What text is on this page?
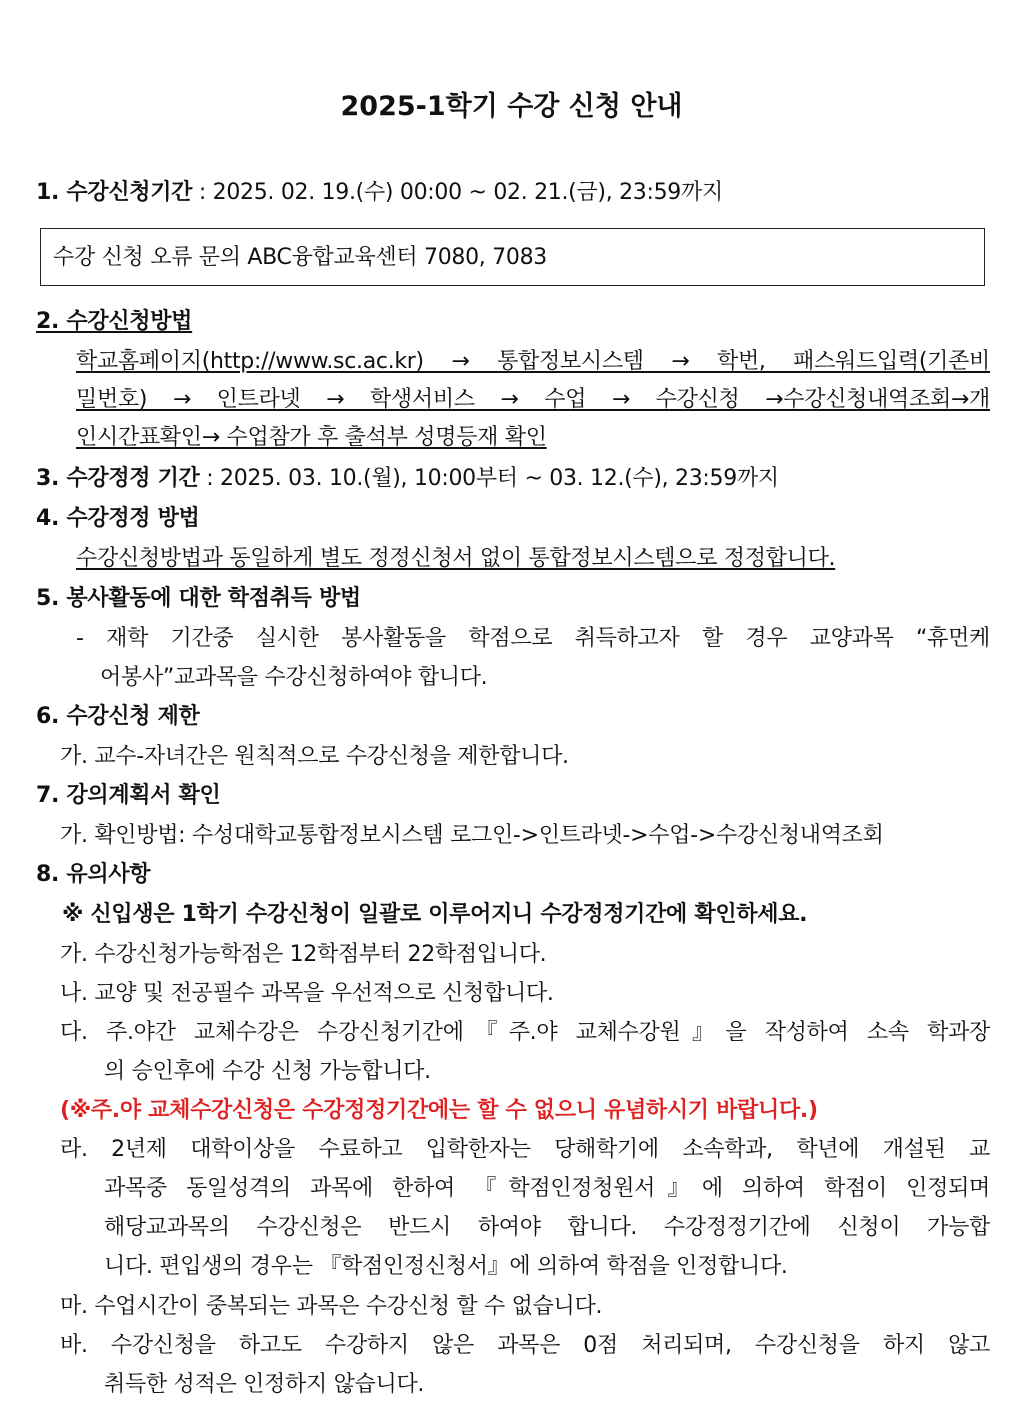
2025-1학기 수강 신청 안내
1. 수강신청기간 : 2025. 02. 19.(수) 00:00 ~ 02. 21.(금), 23:59까지
수강 신청 오류 문의 ABC융합교육센터 7080, 7083
2. 수강신청방법
학교홈페이지(http://www.sc.ac.kr) → 통합정보시스템 → 학번, 패스워드입력(기존비
밀번호) → 인트라넷 → 학생서비스 → 수업 → 수강신청 →수강신청내역조회→개
인시간표확인→ 수업참가 후 출석부 성명등재 확인
3. 수강정정 기간 : 2025. 03. 10.(월), 10:00부터 ~ 03. 12.(수), 23:59까지
4. 수강정정 방법
수강신청방법과 동일하게 별도 정정신청서 없이 통합정보시스템으로 정정합니다.
5. 봉사활동에 대한 학점취득 방법
- 재학 기간중 실시한 봉사활동을 학점으로 취득하고자 할 경우 교양과목 “휴먼케
어봉사”교과목을 수강신청하여야 합니다.
6. 수강신청 제한
가. 교수-자녀간은 원칙적으로 수강신청을 제한합니다.
7. 강의계획서 확인
가. 확인방법: 수성대학교통합정보시스템 로그인->인트라넷->수업->수강신청내역조회
8. 유의사항
※ 신입생은 1학기 수강신청이 일괄로 이루어지니 수강정정기간에 확인하세요.
가. 수강신청가능학점은 12학점부터 22학점입니다.
나. 교양 및 전공필수 과목을 우선적으로 신청합니다.
다. 주.야간 교체수강은 수강신청기간에『주.야 교체수강원』을 작성하여 소속 학과장
의 승인후에 수강 신청 가능합니다.
(※주.야 교체수강신청은 수강정정기간에는 할 수 없으니 유념하시기 바랍니다.)
라. 2년제 대학이상을 수료하고 입학한자는 당해학기에 소속학과, 학년에 개설된 교
과목중 동일성격의 과목에 한하여 『학점인정청원서』에 의하여 학점이 인정되며
해당교과목의 수강신청은 반드시 하여야 합니다. 수강정정기간에 신청이 가능합
니다. 편입생의 경우는 『학점인정신청서』에 의하여 학점을 인정합니다.
마. 수업시간이 중복되는 과목은 수강신청 할 수 없습니다.
바. 수강신청을 하고도 수강하지 않은 과목은 0점 처리되며, 수강신청을 하지 않고
취득한 성적은 인정하지 않습니다.
